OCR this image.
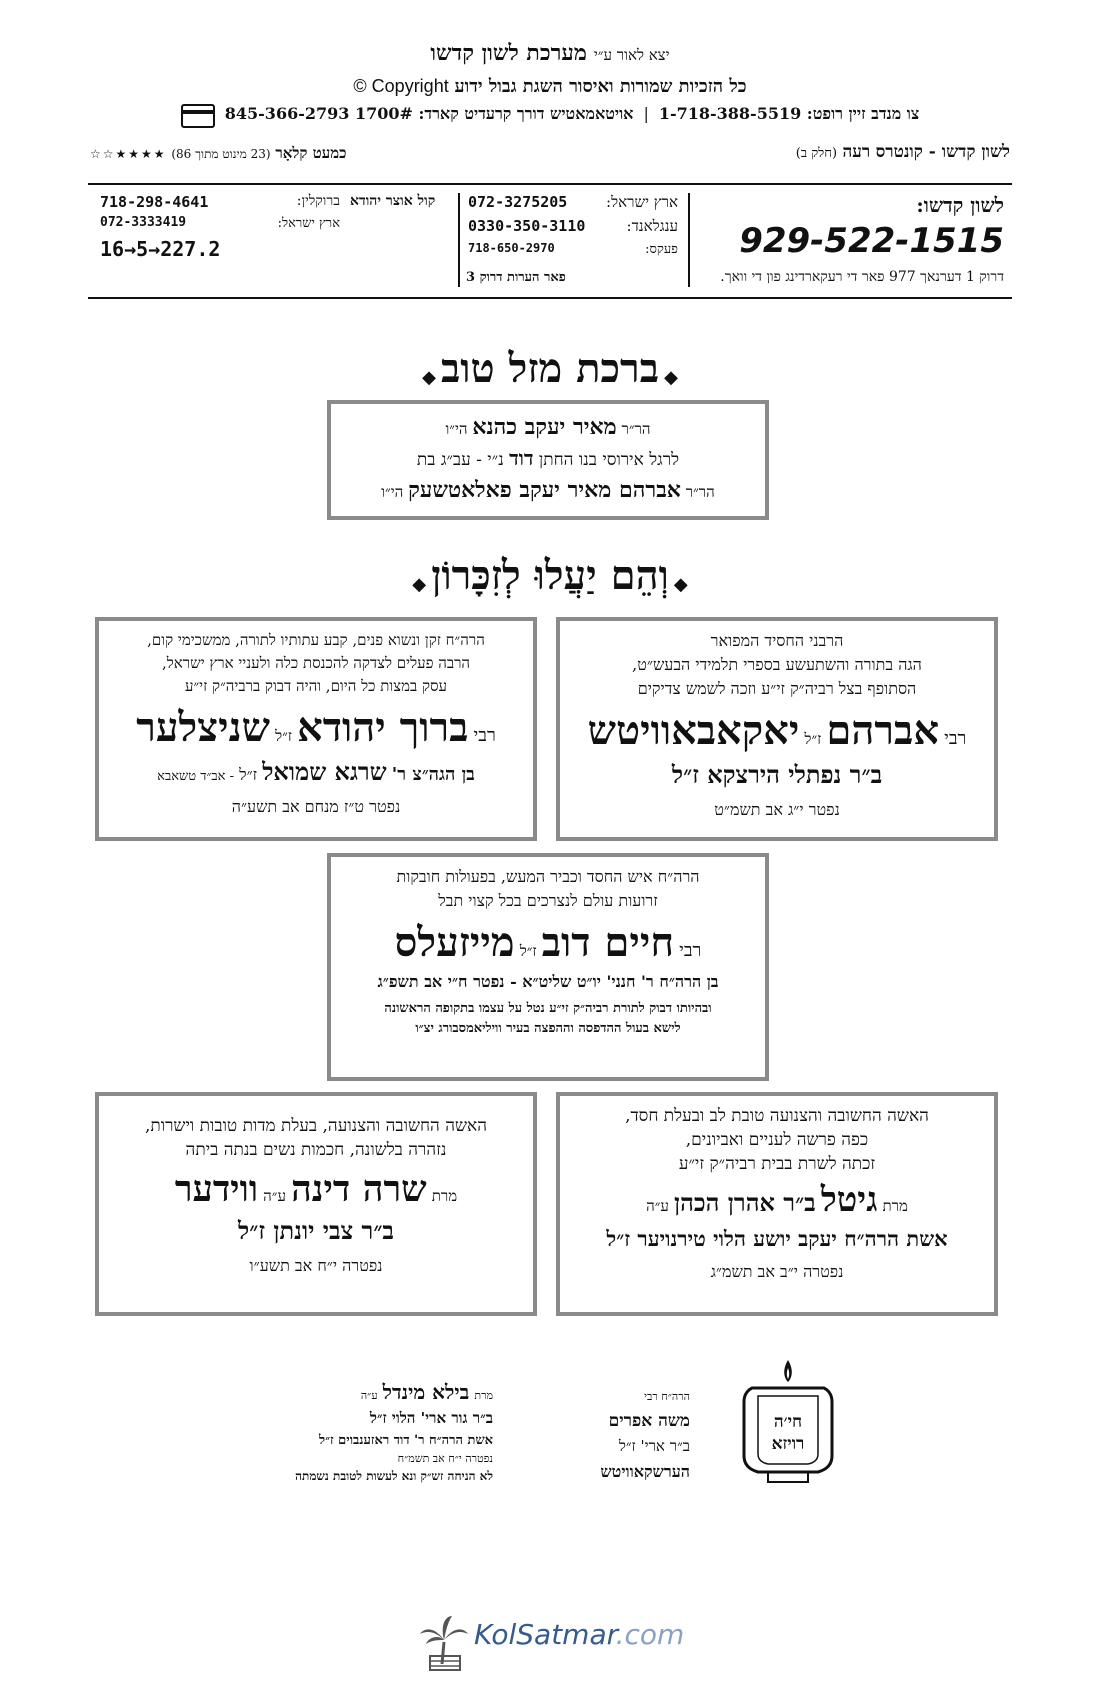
יצא לאור ע״י מערכת לשון קדשו
כל הזכיות שמורות ואיסור השגת גבול ידוע Copyright ©
צו מנדב זיין רופט: 1-718-388-5519
|
אויטאמאטיש דורך קרעדיט קארד: 1700# 845-366-2793
לשון קדשו - קונטרס רעה (חלק ב)
כמעט קלאָר (23 מינוט מתוך 86) ★★★★☆☆
לשון קדשו:
929-522-1515
דרוק 1 דערנאך 977 פאר די רעקארדינג פון די וואך.
פאר הערות דרוק 3
ארץ ישראל:
072-3275205
ענגלאנד:
0330-350-3110
פעקס:
718-650-2970
קול אוצר יהודא
ברוקלין:
718-298-4641
ארץ ישראל:
072-3333419
16→5→227.2
◆ ברכת מזל טוב ◆
הר״ר מאיר יעקב כהנא הי״ו
לרגל אירוסי בנו החתן דוד נ״י - עב״ג בת
הר״ר אברהם מאיר יעקב פאלאטשעק הי״ו
◆ וְהֵם יַעֲלוּ לְזִכָּרוֹן ◆
הרבני החסיד המפואר
הגה בתורה והשתעשע בספרי תלמידי הבעש״ט,
הסתופף בצל רביה״ק זי״ע וזכה לשמש צדיקים
רבי אברהם ז״ל יאקאבאוויטש
ב״ר נפתלי הירצקא ז״ל
נפטר י״ג אב תשמ״ט
הרה״ח זקן ונשוא פנים, קבע עתותיו לתורה, ממשכימי קום,
הרבה פעלים לצדקה להכנסת כלה ולעניי ארץ ישראל,
עסק במצות כל היום, והיה דבוק ברביה״ק זי״ע
רבי ברוך יהודא ז״ל שניצלער
בן הגה״צ ר' שרגא שמואל ז״ל - אב״ד טשאבא
נפטר ט״ז מנחם אב תשע״ה
הרה״ח איש החסד וכביר המעש, בפעולות חובקות
זרועות עולם לנצרכים בכל קצוי תבל
רבי חיים דוב ז״ל מייזעלס
בן הרה״ח ר' חנני' יו״ט שליט״א - נפטר ח״י אב תשפ״ג
ובהיותו דבוק לתורת רביה״ק זי״ע נטל על עצמו בתקופה הראשונה
לישא בעול ההדפסה וההפצה בעיר וויליאמסבורג יצ״ו
האשה החשובה והצנועה טובת לב ובעלת חסד,
כפה פרשה לעניים ואביונים,
זכתה לשרת בבית רביה״ק זי״ע
מרת גיטל ב״ר אהרן הכהן ע״ה
אשת הרה״ח יעקב יושע הלוי טירנויער ז״ל
נפטרה י״ב אב תשמ״ג
האשה החשובה והצנועה, בעלת מדות טובות וישרות,
נזהרה בלשונה, חכמות נשים בנתה ביתה
מרת שרה דינה ע״ה ווידער
ב״ר צבי יונתן ז״ל
נפטרה י״ח אב תשע״ו
מרת בילא מינדל ע״ה
ב״ר גור ארי' הלוי ז״ל
אשת הרה״ח ר' דוד ראזענבוים ז״ל
נפטרה י״ח אב תשמ״ח
לא הניחה זש״ק ונא לעשות לטובת נשמתה
הרה״ח רבי
משה אפרים
ב״ר ארי' ז״ל
הערשקאוויטש
חי׳ה
רויזא
KolSatmar.com
